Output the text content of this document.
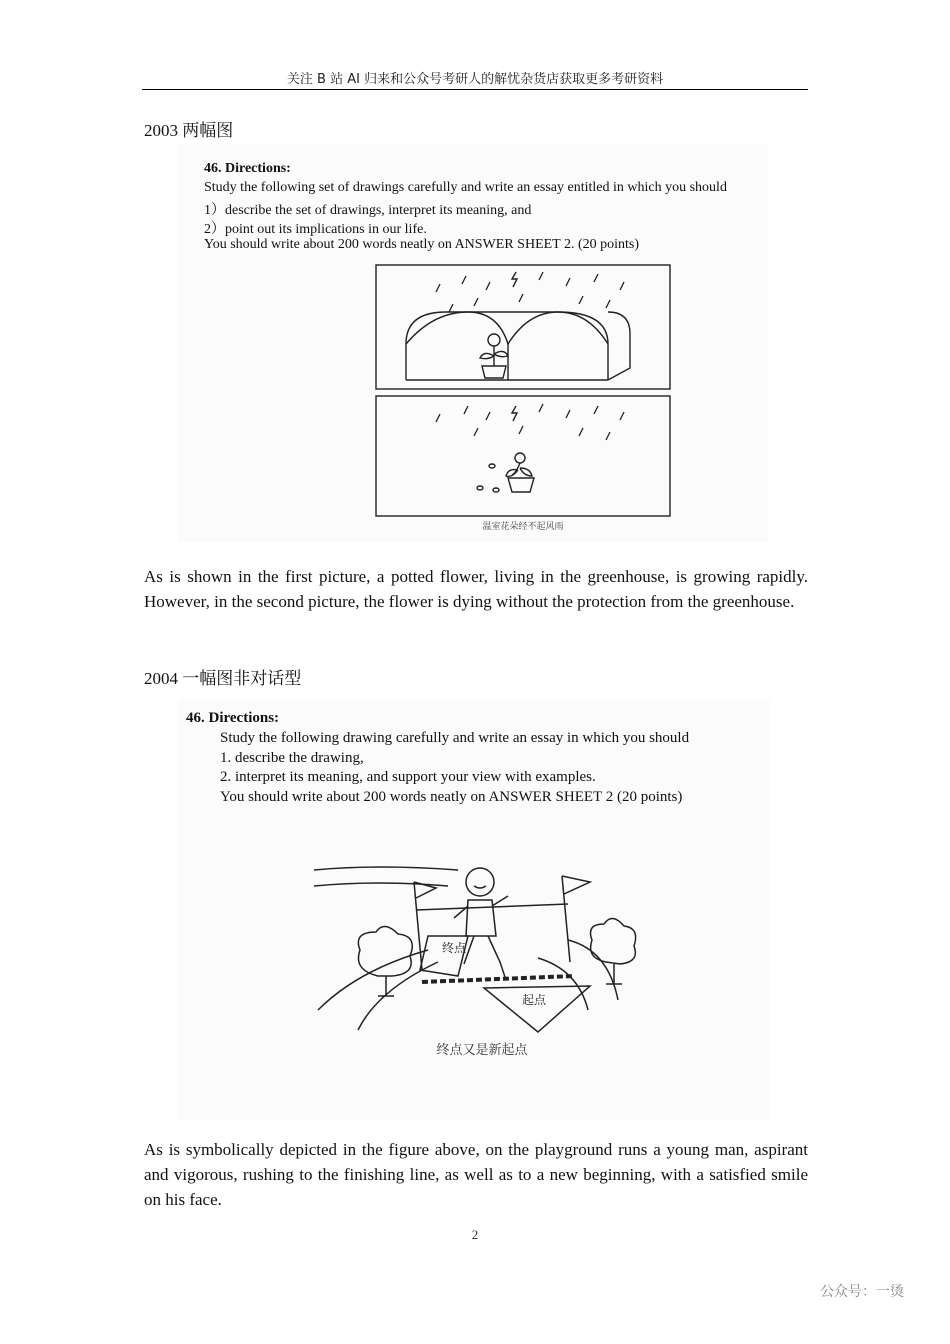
关注 B 站 AI 归来和公众号考研人的解忧杂货店获取更多考研资料
2003 两幅图
46. Directions:
Study the following set of drawings carefully and write an essay entitled in which you should
1）describe the set of drawings, interpret its meaning, and
2）point out its implications in our life.
You should write about 200 words neatly on ANSWER SHEET 2. (20 points)
温室花朵经不起风雨
As is shown in the first picture, a potted flower, living in the greenhouse, is growing rapidly. However, in the second picture, the flower is dying without the protection from the greenhouse.
2004 一幅图非对话型
46. Directions:
Study the following drawing carefully and write an essay in which you should
1. describe the drawing,
2. interpret its meaning, and support your view with examples.
You should write about 200 words neatly on ANSWER SHEET 2 (20 points)
终点
起点
终点又是新起点
As is symbolically depicted in the figure above, on the playground runs a young man, aspirant and vigorous, rushing to the finishing line, as well as to a new beginning, with a satisfied smile on his face.
2
公众号：一烫
